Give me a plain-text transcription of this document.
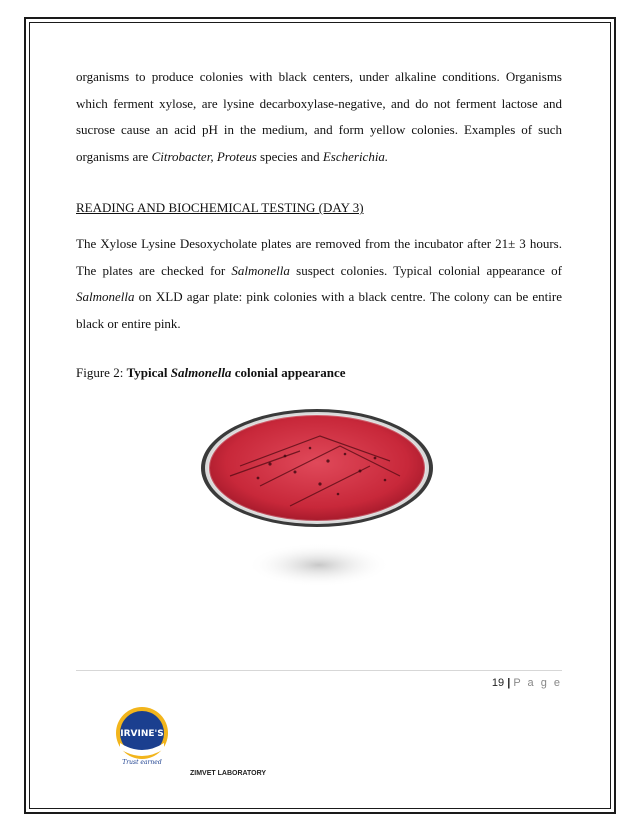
organisms to produce colonies with black centers, under alkaline conditions. Organisms which ferment xylose, are lysine decarboxylase-negative, and do not ferment lactose and sucrose cause an acid pH in the medium, and form yellow colonies. Examples of such organisms are Citrobacter, Proteus species and Escherichia.

READING AND BIOCHEMICAL TESTING (DAY 3)

The Xylose Lysine Desoxycholate plates are removed from the incubator after 21± 3 hours. The plates are checked for Salmonella suspect colonies. Typical colonial appearance of Salmonella on XLD agar plate: pink colonies with a black centre. The colony can be entire black or entire pink.

Figure 2: Typical Salmonella colonial appearance

19 | P a g e
IRVINE'S
Trust earned
ZIMVET LABORATORY
